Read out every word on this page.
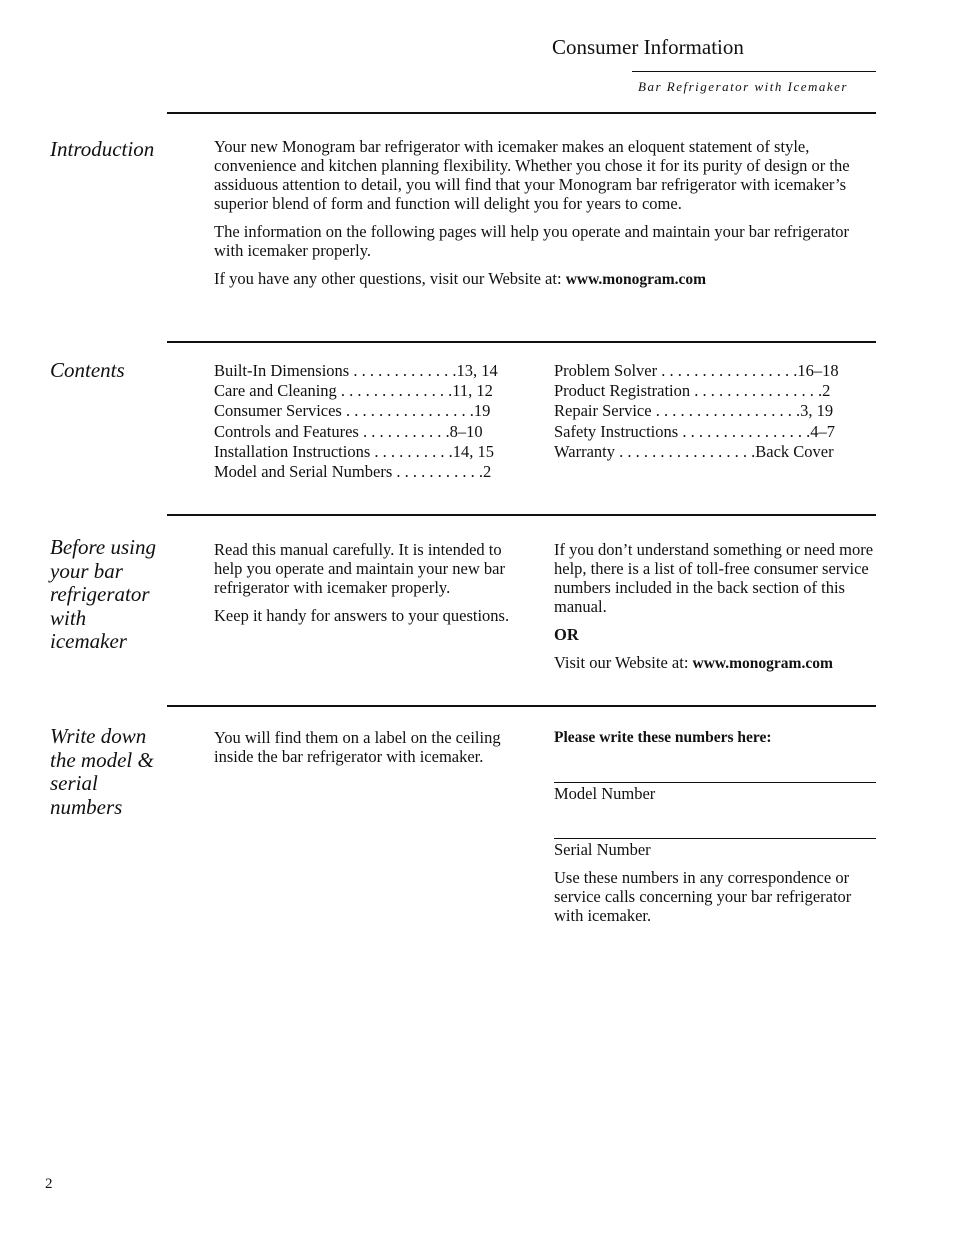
Consumer Information
Bar Refrigerator with Icemaker
Introduction	Your new Monogram bar refrigerator with icemaker makes an eloquent statement of style, convenience and kitchen planning flexibility. Whether you chose it for its purity of design or the assiduous attention to detail, you will find that your Monogram bar refrigerator with icemaker’s superior blend of form and function will delight you for years to come.

The information on the following pages will help you operate and maintain your bar refrigerator with icemaker properly.

If you have any other questions, visit our Website at: www.monogram.com

Contents	Built-In Dimensions . . . . . . . . . . . . .13, 14
Care and Cleaning . . . . . . . . . . . . . .11, 12
Consumer Services . . . . . . . . . . . . . . . .19
Controls and Features . . . . . . . . . . .8–10
Installation Instructions . . . . . . . . . .14, 15
Model and Serial Numbers . . . . . . . . . . .2
Problem Solver . . . . . . . . . . . . . . . . .16–18
Product Registration . . . . . . . . . . . . . . . .2
Repair Service . . . . . . . . . . . . . . . . . .3, 19
Safety Instructions . . . . . . . . . . . . . . . .4–7
Warranty . . . . . . . . . . . . . . . . .Back Cover
Before using your bar refrigerator with icemaker

Read this manual carefully. It is intended to help you operate and maintain your new bar refrigerator with icemaker properly.

Keep it handy for answers to your questions.

If you don’t understand something or need more help, there is a list of toll-free consumer service numbers included in the back section of this manual.

OR

Visit our Website at: www.monogram.com

Write down the model & serial numbers

You will find them on a label on the ceiling inside the bar refrigerator with icemaker.

Please write these numbers here:
Model Number
Serial Number
Use these numbers in any correspondence or service calls concerning your bar refrigerator with icemaker.
2
